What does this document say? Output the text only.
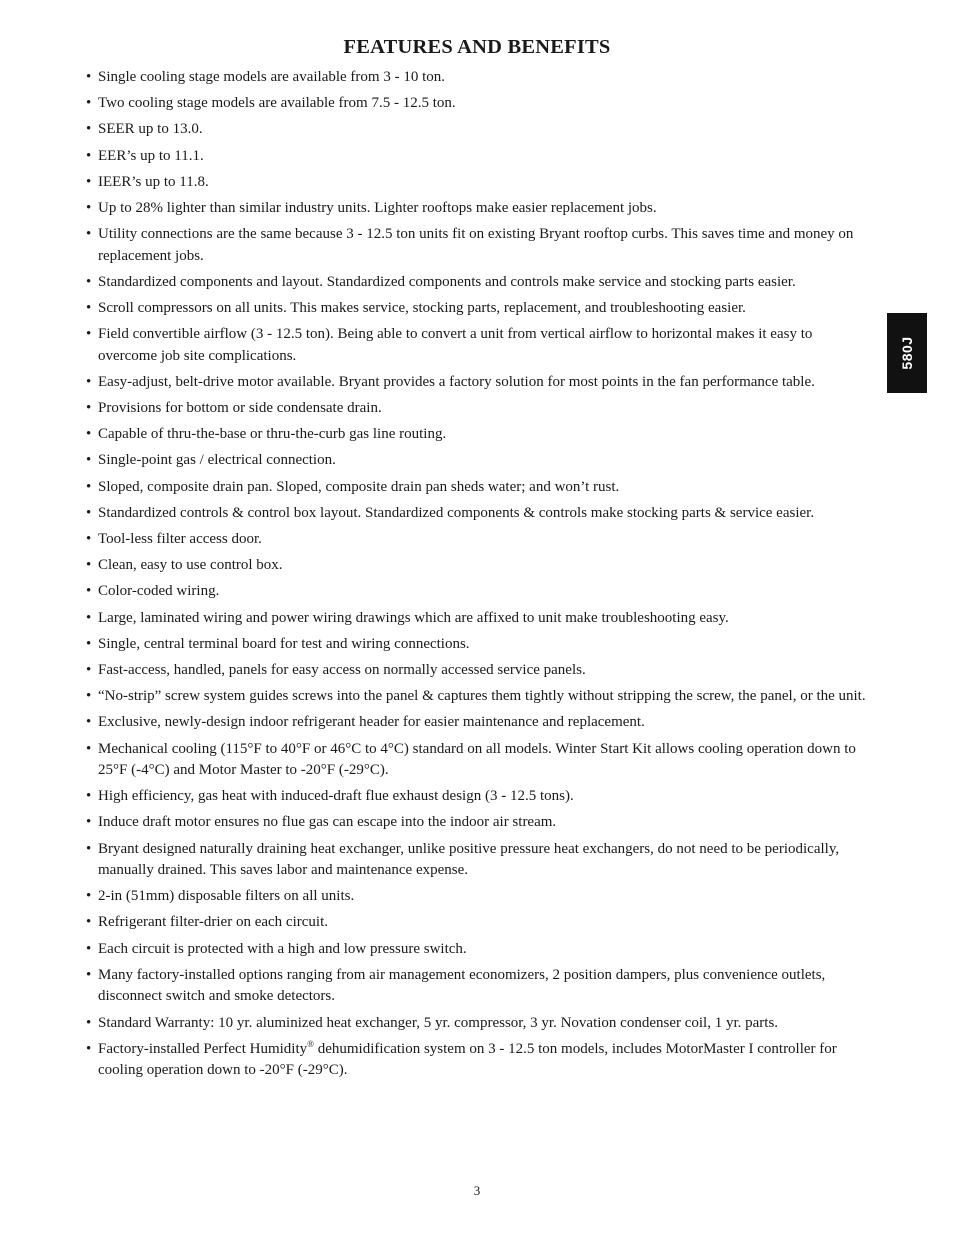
FEATURES AND BENEFITS
• Single cooling stage models are available from 3 - 10 ton.
• Two cooling stage models are available from 7.5 - 12.5 ton.
• SEER up to 13.0.
• EER’s up to 11.1.
• IEER’s up to 11.8.
• Up to 28% lighter than similar industry units. Lighter rooftops make easier replacement jobs.
• Utility connections are the same because 3 - 12.5 ton units fit on existing Bryant rooftop curbs. This saves time and money on replacement jobs.
• Standardized components and layout. Standardized components and controls make service and stocking parts easier.
• Scroll compressors on all units. This makes service, stocking parts, replacement, and troubleshooting easier.
• Field convertible airflow (3 - 12.5 ton). Being able to convert a unit from vertical airflow to horizontal makes it easy to overcome job site complications.
• Easy-adjust, belt-drive motor available. Bryant provides a factory solution for most points in the fan performance table.
• Provisions for bottom or side condensate drain.
• Capable of thru-the-base or thru-the-curb gas line routing.
• Single-point gas / electrical connection.
• Sloped, composite drain pan. Sloped, composite drain pan sheds water; and won’t rust.
• Standardized controls & control box layout. Standardized components & controls make stocking parts & service easier.
• Tool-less filter access door.
• Clean, easy to use control box.
• Color-coded wiring.
• Large, laminated wiring and power wiring drawings which are affixed to unit make troubleshooting easy.
• Single, central terminal board for test and wiring connections.
• Fast-access, handled, panels for easy access on normally accessed service panels.
• “No-strip” screw system guides screws into the panel & captures them tightly without stripping the screw, the panel, or the unit.
• Exclusive, newly-design indoor refrigerant header for easier maintenance and replacement.
• Mechanical cooling (115°F to 40°F or 46°C to 4°C) standard on all models. Winter Start Kit allows cooling operation down to 25°F (-4°C) and Motor Master to -20°F (-29°C).
• High efficiency, gas heat with induced-draft flue exhaust design (3 - 12.5 tons).
• Induce draft motor ensures no flue gas can escape into the indoor air stream.
• Bryant designed naturally draining heat exchanger, unlike positive pressure heat exchangers, do not need to be periodically, manually drained. This saves labor and maintenance expense.
• 2-in (51mm) disposable filters on all units.
• Refrigerant filter-drier on each circuit.
• Each circuit is protected with a high and low pressure switch.
• Many factory-installed options ranging from air management economizers, 2 position dampers, plus convenience outlets, disconnect switch and smoke detectors.
• Standard Warranty: 10 yr. aluminized heat exchanger, 5 yr. compressor, 3 yr. Novation condenser coil, 1 yr. parts.
• Factory-installed Perfect Humidity® dehumidification system on 3 - 12.5 ton models, includes MotorMaster I controller for cooling operation down to -20°F (-29°C).
580J
3
